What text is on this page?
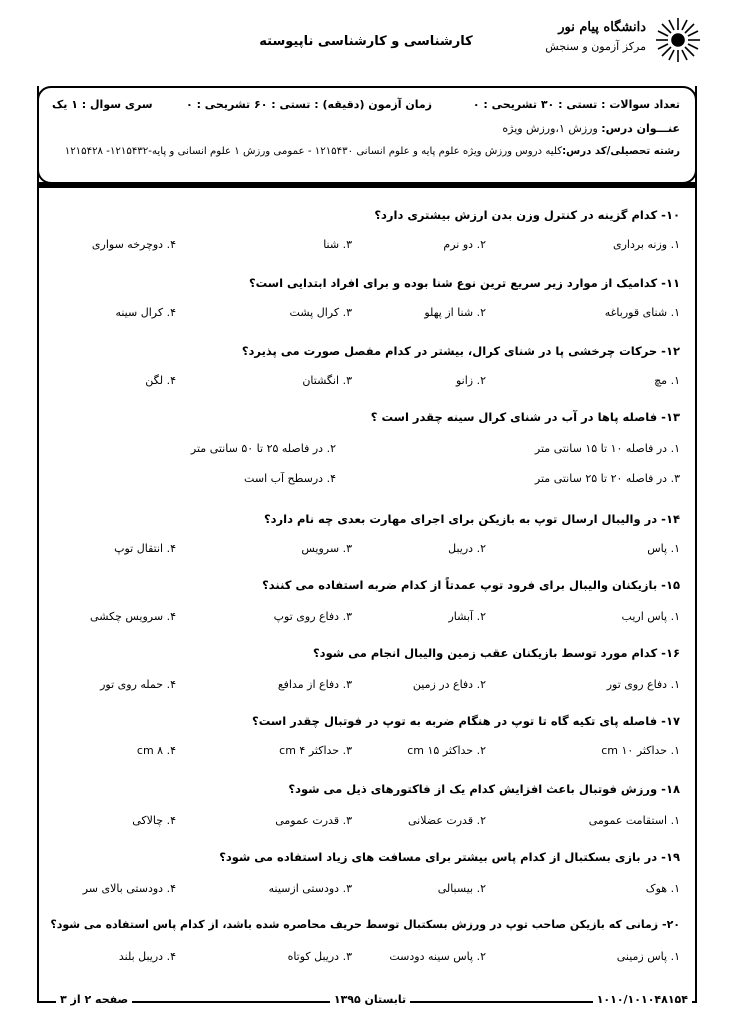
دانشگاه پیام نور
مرکز آزمون و سنجش
کارشناسی و کارشناسی ناپیوسته
تعداد سوالات : تستی : ۳۰ تشریحی : ۰
زمان آزمون (دقیقه) : تستی : ۶۰ تشریحی : ۰
سری سوال : ۱ یک
عنـــوان درس: ورزش ۱،ورزش ویژه
رشته تحصیلی/کد درس:کلیه دروس ورزش ویژه علوم پایه و علوم انسانی ۱۲۱۵۴۳۰ - عمومی ورزش ۱ علوم انسانی و پایه-۱۲۱۵۴۳۲- ۱۲۱۵۴۲۸
۱۰- کدام گزینه در کنترل وزن بدن ارزش بیشتری دارد؟
۱. وزنه برداری
۲. دو نرم
۳. شنا
۴. دوچرخه سواری
۱۱- کدامیک از موارد زیر سریع ترین نوع شنا بوده و برای افراد ابتدایی است؟
۱. شنای قورباغه
۲. شنا از پهلو
۳. کرال پشت
۴. کرال سینه
۱۲- حرکات چرخشی پا در شنای کرال، بیشتر در کدام مفصل صورت می پذیرد؟
۱. مچ
۲. زانو
۳. انگشتان
۴. لگن
۱۳- فاصله پاها در آب در شنای کرال سینه چقدر است ؟
۱. در فاصله ۱۰ تا ۱۵ سانتی متر
۲. در فاصله ۲۵ تا ۵۰ سانتی متر
۳. در فاصله ۲۰ تا ۲۵ سانتی متر
۴. درسطح آب است
۱۴- در والیبال ارسال توپ به بازیکن برای اجرای مهارت بعدی چه نام دارد؟
۱. پاس
۲. دریبل
۳. سرویس
۴. انتقال توپ
۱۵- بازیکنان والیبال برای فرود توپ عمدتاً از کدام ضربه استفاده می کنند؟
۱. پاس اریب
۲. آبشار
۳. دفاع روی توپ
۴. سرویس چکشی
۱۶- کدام مورد توسط بازیکنان عقب زمین والیبال انجام می شود؟
۱. دفاع روی تور
۲. دفاع در زمین
۳. دفاع از مدافع
۴. حمله روی تور
۱۷- فاصله پای تکیه گاه تا توپ در هنگام ضربه به توپ در فوتبال چقدر است؟
۱. حداکثر ۱۰ cm
۲. حداکثر ۱۵ cm
۳. حداکثر ۴ cm
۴. ۸ cm
۱۸- ورزش فوتبال باعث افزایش کدام یک از فاکتورهای ذیل می شود؟
۱. استقامت عمومی
۲. قدرت عضلانی
۳. قدرت عمومی
۴. چالاکی
۱۹- در بازی بسکتبال از کدام پاس بیشتر برای مسافت های زیاد استفاده می شود؟
۱. هوک
۲. بیسبالی
۳. دودستی ازسینه
۴. دودستی بالای سر
۲۰- زمانی که بازیکن صاحب توپ در ورزش بسکتبال توسط حریف محاصره شده باشد، از کدام پاس استفاده می شود؟
۱. پاس زمینی
۲. پاس سینه دودست
۳. دریبل کوتاه
۴. دریبل بلند
صفحه ۲ از ۳	تابستان ۱۳۹۵	۱۰۱۰/۱۰۱۰۴۸۱۵۴
